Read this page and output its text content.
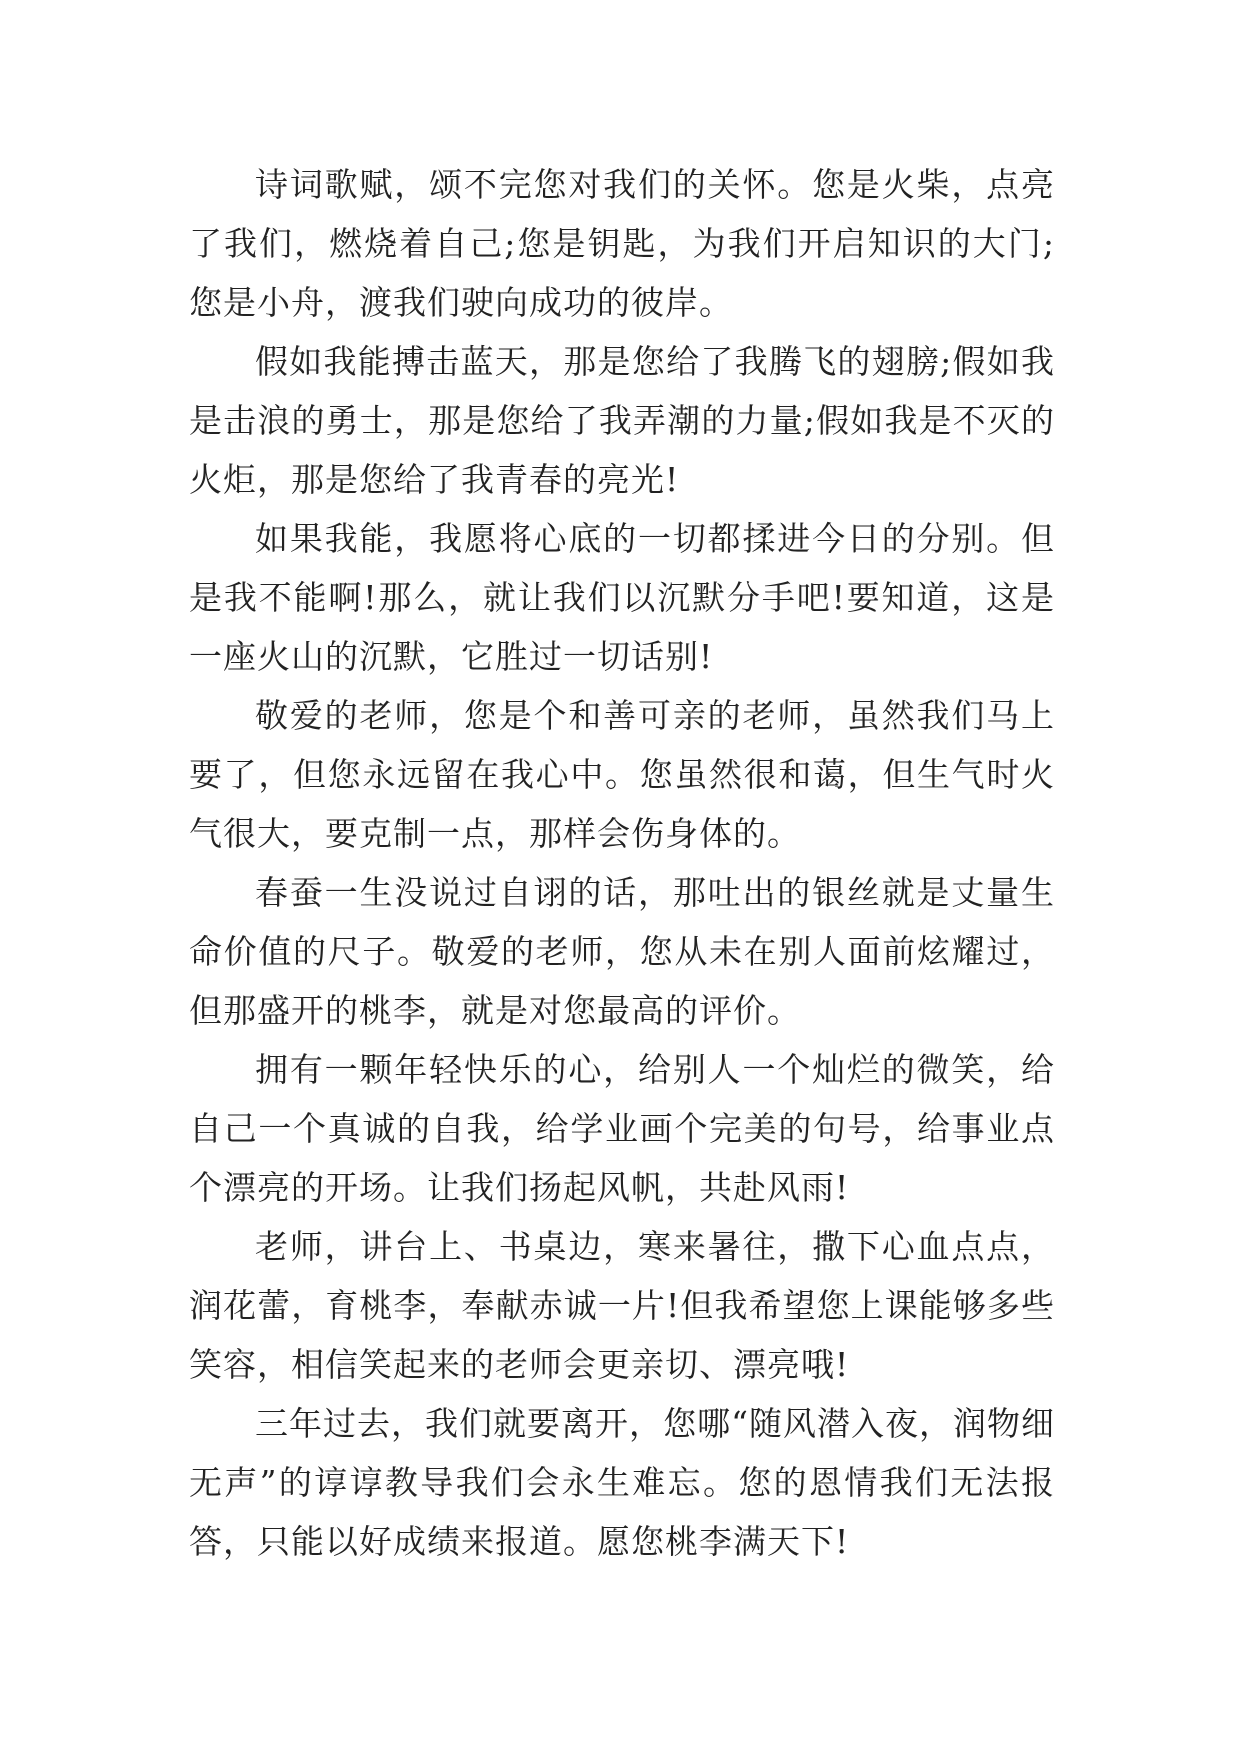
诗词歌赋，颂不完您对我们的关怀。您是火柴，点亮了我们，燃烧着自己;您是钥匙，为我们开启知识的大门;您是小舟，渡我们驶向成功的彼岸。

假如我能搏击蓝天，那是您给了我腾飞的翅膀;假如我是击浪的勇士，那是您给了我弄潮的力量;假如我是不灭的火炬，那是您给了我青春的亮光!

如果我能，我愿将心底的一切都揉进今日的分别。但是我不能啊!那么，就让我们以沉默分手吧!要知道，这是一座火山的沉默，它胜过一切话别!

敬爱的老师，您是个和善可亲的老师，虽然我们马上要了，但您永远留在我心中。您虽然很和蔼，但生气时火气很大，要克制一点，那样会伤身体的。

春蚕一生没说过自诩的话，那吐出的银丝就是丈量生命价值的尺子。敬爱的老师，您从未在别人面前炫耀过，但那盛开的桃李，就是对您最高的评价。

拥有一颗年轻快乐的心，给别人一个灿烂的微笑，给自己一个真诚的自我，给学业画个完美的句号，给事业点个漂亮的开场。让我们扬起风帆，共赴风雨!

老师，讲台上、书桌边，寒来暑往，撒下心血点点，润花蕾，育桃李，奉献赤诚一片!但我希望您上课能够多些笑容，相信笑起来的老师会更亲切、漂亮哦!

三年过去，我们就要离开，您哪“随风潜入夜，润物细无声”的谆谆教导我们会永生难忘。您的恩情我们无法报答，只能以好成绩来报道。愿您桃李满天下!
